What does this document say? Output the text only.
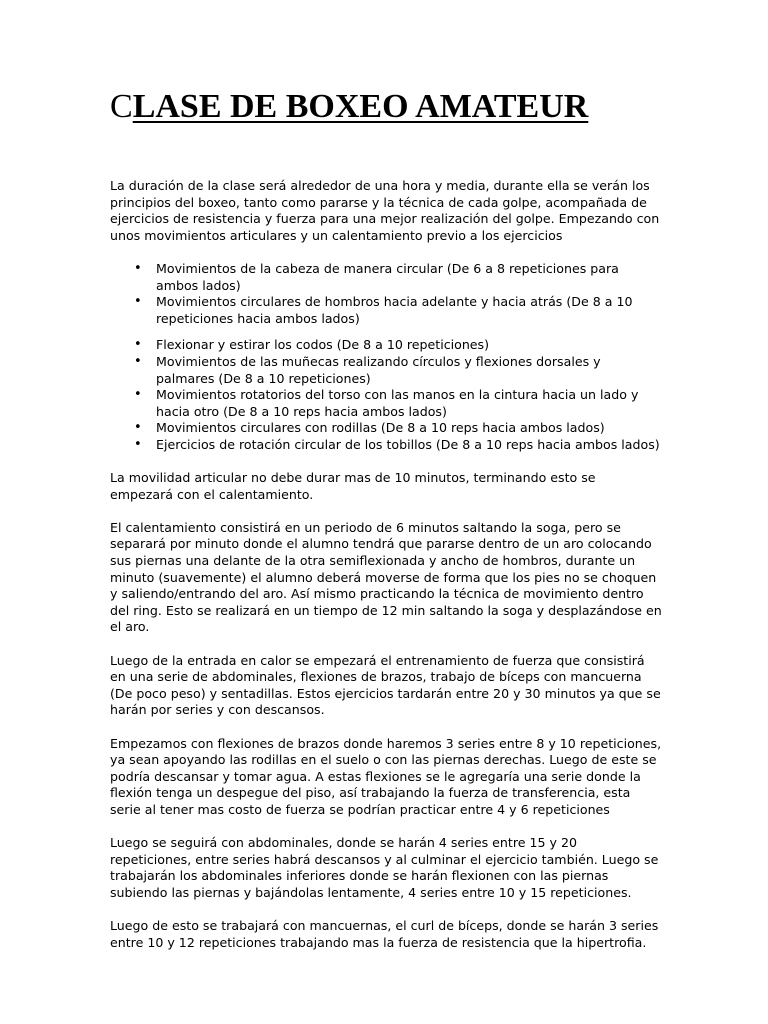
CLASE DE BOXEO AMATEUR

La duración de la clase será alrededor de una hora y media, durante ella se verán los principios del boxeo, tanto como pararse y la técnica de cada golpe, acompañada de ejercicios de resistencia y fuerza para una mejor realización del golpe. Empezando con unos movimientos articulares y un calentamiento previo a los ejercicios

• Movimientos de la cabeza de manera circular (De 6 a 8 repeticiones para ambos lados)
• Movimientos circulares de hombros hacia adelante y hacia atrás (De 8 a 10 repeticiones hacia ambos lados)
• Flexionar y estirar los codos (De 8 a 10 repeticiones)
• Movimientos de las muñecas realizando círculos y flexiones dorsales y palmares (De 8 a 10 repeticiones)
• Movimientos rotatorios del torso con las manos en la cintura hacia un lado y hacia otro (De 8 a 10 reps hacia ambos lados)
• Movimientos circulares con rodillas (De 8 a 10 reps hacia ambos lados)
• Ejercicios de rotación circular de los tobillos (De 8 a 10 reps hacia ambos lados)

La movilidad articular no debe durar mas de 10 minutos, terminando esto se empezará con el calentamiento.

El calentamiento consistirá en un periodo de 6 minutos saltando la soga, pero se separará por minuto donde el alumno tendrá que pararse dentro de un aro colocando sus piernas una delante de la otra semiflexionada y ancho de hombros, durante un minuto (suavemente) el alumno deberá moverse de forma que los pies no se choquen y saliendo/entrando del aro. Así mismo practicando la técnica de movimiento dentro del ring. Esto se realizará en un tiempo de 12 min saltando la soga y desplazándose en el aro.

Luego de la entrada en calor se empezará el entrenamiento de fuerza que consistirá en una serie de abdominales, flexiones de brazos, trabajo de bíceps con mancuerna (De poco peso) y sentadillas. Estos ejercicios tardarán entre 20 y 30 minutos ya que se harán por series y con descansos.

Empezamos con flexiones de brazos donde haremos 3 series entre 8 y 10 repeticiones, ya sean apoyando las rodillas en el suelo o con las piernas derechas. Luego de este se podría descansar y tomar agua. A estas flexiones se le agregaría una serie donde la flexión tenga un despegue del piso, así trabajando la fuerza de transferencia, esta serie al tener mas costo de fuerza se podrían practicar entre 4 y 6 repeticiones

Luego se seguirá con abdominales, donde se harán 4 series entre 15 y 20 repeticiones, entre series habrá descansos y al culminar el ejercicio también. Luego se trabajarán los abdominales inferiores donde se harán flexionen con las piernas subiendo las piernas y bajándolas lentamente, 4 series entre 10 y 15 repeticiones.

Luego de esto se trabajará con mancuernas, el curl de bíceps, donde se harán 3 series entre 10 y 12 repeticiones trabajando mas la fuerza de resistencia que la hipertrofia.
